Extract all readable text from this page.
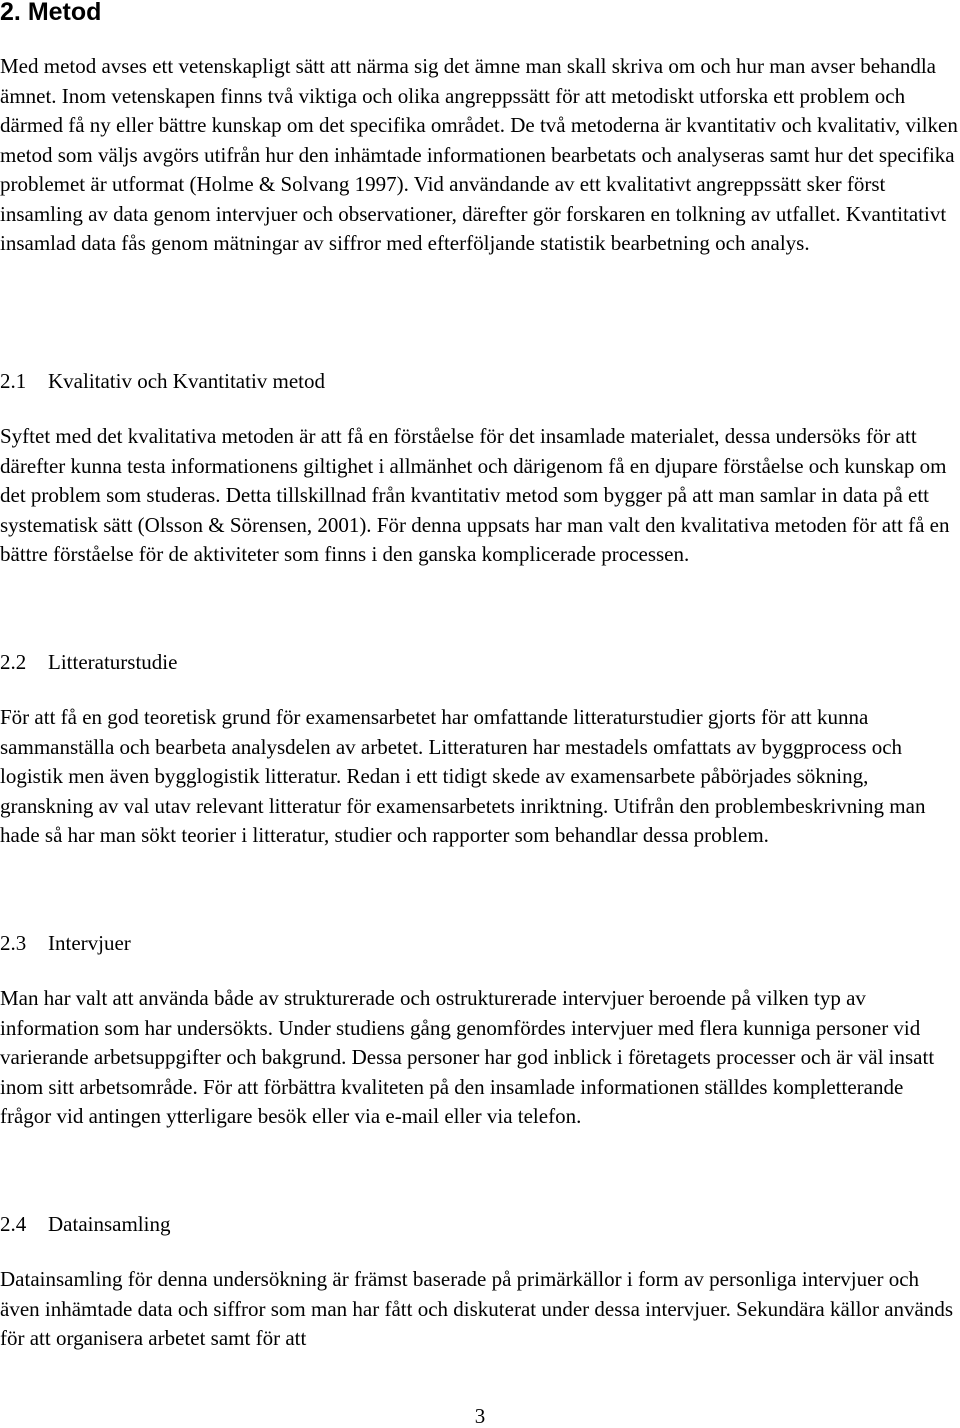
2. Metod

Med metod avses ett vetenskapligt sätt att närma sig det ämne man skall skriva om och hur man avser behandla ämnet. Inom vetenskapen finns två viktiga och olika angreppssätt för att metodiskt utforska ett problem och därmed få ny eller bättre kunskap om det specifika området. De två metoderna är kvantitativ och kvalitativ, vilken metod som väljs avgörs utifrån hur den inhämtade informationen bearbetats och analyseras samt hur det specifika problemet är utformat (Holme & Solvang 1997). Vid användande av ett kvalitativt angreppssätt sker först insamling av data genom intervjuer och observationer, därefter gör forskaren en tolkning av utfallet. Kvantitativt insamlad data fås genom mätningar av siffror med efterföljande statistik bearbetning och analys.

2.1 Kvalitativ och Kvantitativ metod

Syftet med det kvalitativa metoden är att få en förståelse för det insamlade materialet, dessa undersöks för att därefter kunna testa informationens giltighet i allmänhet och därigenom få en djupare förståelse och kunskap om det problem som studeras. Detta tillskillnad från kvantitativ metod som bygger på att man samlar in data på ett systematisk sätt (Olsson & Sörensen, 2001). För denna uppsats har man valt den kvalitativa metoden för att få en bättre förståelse för de aktiviteter som finns i den ganska komplicerade processen.

2.2 Litteraturstudie

För att få en god teoretisk grund för examensarbetet har omfattande litteraturstudier gjorts för att kunna sammanställa och bearbeta analysdelen av arbetet. Litteraturen har mestadels omfattats av byggprocess och logistik men även bygglogistik litteratur. Redan i ett tidigt skede av examensarbete påbörjades sökning, granskning av val utav relevant litteratur för examensarbetets inriktning. Utifrån den problembeskrivning man hade så har man sökt teorier i litteratur, studier och rapporter som behandlar dessa problem.

2.3 Intervjuer

Man har valt att använda både av strukturerade och ostrukturerade intervjuer beroende på vilken typ av information som har undersökts. Under studiens gång genomfördes intervjuer med flera kunniga personer vid varierande arbetsuppgifter och bakgrund. Dessa personer har god inblick i företagets processer och är väl insatt inom sitt arbetsområde. För att förbättra kvaliteten på den insamlade informationen ställdes kompletterande frågor vid antingen ytterligare besök eller via e-mail eller via telefon.

2.4 Datainsamling

Datainsamling för denna undersökning är främst baserade på primärkällor i form av personliga intervjuer och även inhämtade data och siffror som man har fått och diskuterat under dessa intervjuer. Sekundära källor används för att organisera arbetet samt för att

3
